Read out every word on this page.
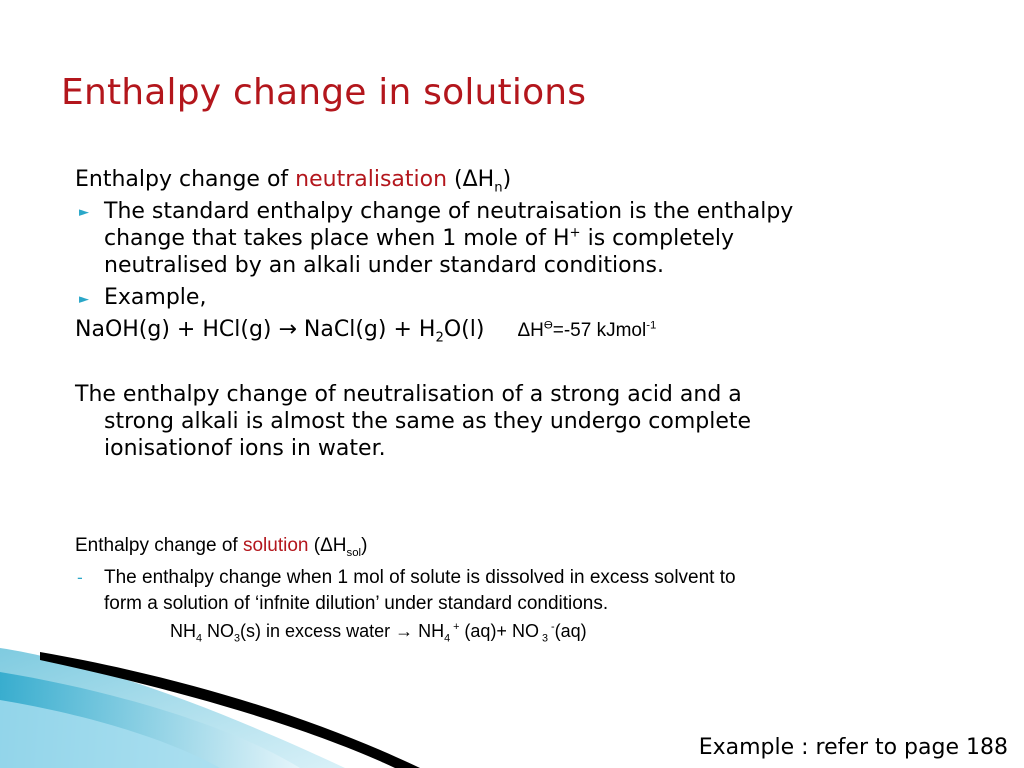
Enthalpy change in solutions
Enthalpy change of neutralisation $(\Delta H_n)$
► The standard enthalpy change of neutraisation is the enthalpy
change that takes place when 1 mole of H+ is completely
neutralised by an alkali under standard conditions.
► Example,
NaOH(g) + HCl(g) → NaCl(g) + $H_2O(l)$ $\Delta H^ϴ=-57$ kJmol$^{-1}$
The enthalpy change of neutralisation of a strong acid and a
strong alkali is almost the same as they undergo complete
ionisationof ions in water.
Enthalpy change of solution $(\Delta H_{sol})$
- The enthalpy change when 1 mol of solute is dissolved in excess solvent to
form a solution of ‘infnite dilution’ under standard conditions.
$NH_4$ $NO_3(s)$ in excess water → $NH_4$ + (aq)+ NO $_3$ -(aq)
Example : refer to page 188
